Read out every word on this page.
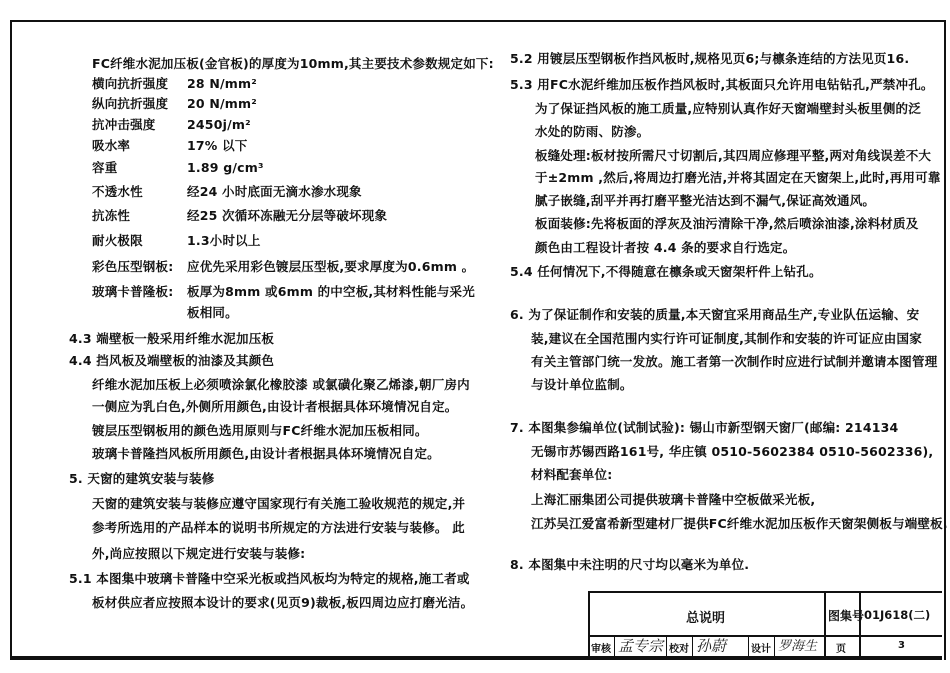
FC纤维水泥加压板(金官板)的厚度为10mm,其主要技术参数规定如下:
横向抗折强度 28 N/mm²
纵向抗折强度 20 N/mm²
抗冲击强度	2450j/m²
吸水率	17% 以下
容重	1.89 g/cm³
不透水性	经24 小时底面无滴水渗水现象
抗冻性	经25 次循环冻融无分层等破坏现象
耐火极限	1.3小时以上
彩色压型钢板: 应优先采用彩色镀层压型板,要求厚度为0.6mm 。
玻璃卡普隆板: 板厚为8mm 或6mm 的中空板,其材料性能与采光
板相同。
4.3 端壁板一般采用纤维水泥加压板
4.4 挡风板及端壁板的油漆及其颜色
纤维水泥加压板上必须喷涂氯化橡胶漆 或氯磺化聚乙烯漆,朝厂房内
一侧应为乳白色,外侧所用颜色,由设计者根据具体环境情况自定。
镀层压型钢板用的颜色选用原则与FC纤维水泥加压板相同。
玻璃卡普隆挡风板所用颜色,由设计者根据具体环境情况自定。
5. 天窗的建筑安装与装修
天窗的建筑安装与装修应遵守国家现行有关施工验收规范的规定,并
参考所选用的产品样本的说明书所规定的方法进行安装与装修。 此
外,尚应按照以下规定进行安装与装修:
5.1 本图集中玻璃卡普隆中空采光板或挡风板均为特定的规格,施工者或
板材供应者应按照本设计的要求(见页9)裁板,板四周边应打磨光洁。
5.2 用镀层压型钢板作挡风板时,规格见页6;与檩条连结的方法见页16.
5.3 用FC水泥纤维加压板作挡风板时,其板面只允许用电钻钻孔,严禁冲孔。
为了保证挡风板的施工质量,应特别认真作好天窗端壁封头板里侧的泛
水处的防雨、防渗。
板缝处理:板材按所需尺寸切割后,其四周应修理平整,两对角线误差不大
于±2mm ,然后,将周边打磨光洁,并将其固定在天窗架上,此时,再用可靠
腻子嵌缝,刮平并再打磨平整光洁达到不漏气,保证高效通风。
板面装修:先将板面的浮灰及油污清除干净,然后喷涂油漆,涂料材质及
颜色由工程设计者按 4.4 条的要求自行选定。
5.4 任何情况下,不得随意在檩条或天窗架杆件上钻孔。
6. 为了保证制作和安装的质量,本天窗宜采用商品生产,专业队伍运输、安
装,建议在全国范围内实行许可证制度,其制作和安装的许可证应由国家
有关主管部门统一发放。施工者第一次制作时应进行试制并邀请本图管理
与设计单位监制。
7. 本图集参编单位(试制试验): 锡山市新型钢天窗厂(邮编: 214134
无锡市苏锡西路161号, 华庄镇 0510-5602384 0510-5602336),
材料配套单位:
上海汇丽集团公司提供玻璃卡普隆中空板做采光板,
江苏吴江爱富希新型建材厂提供FC纤维水泥加压板作天窗架侧板与端壁板.
8. 本图集中未注明的尺寸均以毫米为单位.
总说明	图集号 01J618(二)
审核 孟专宗 校对 孙蔚 设计 罗海生 页	3
